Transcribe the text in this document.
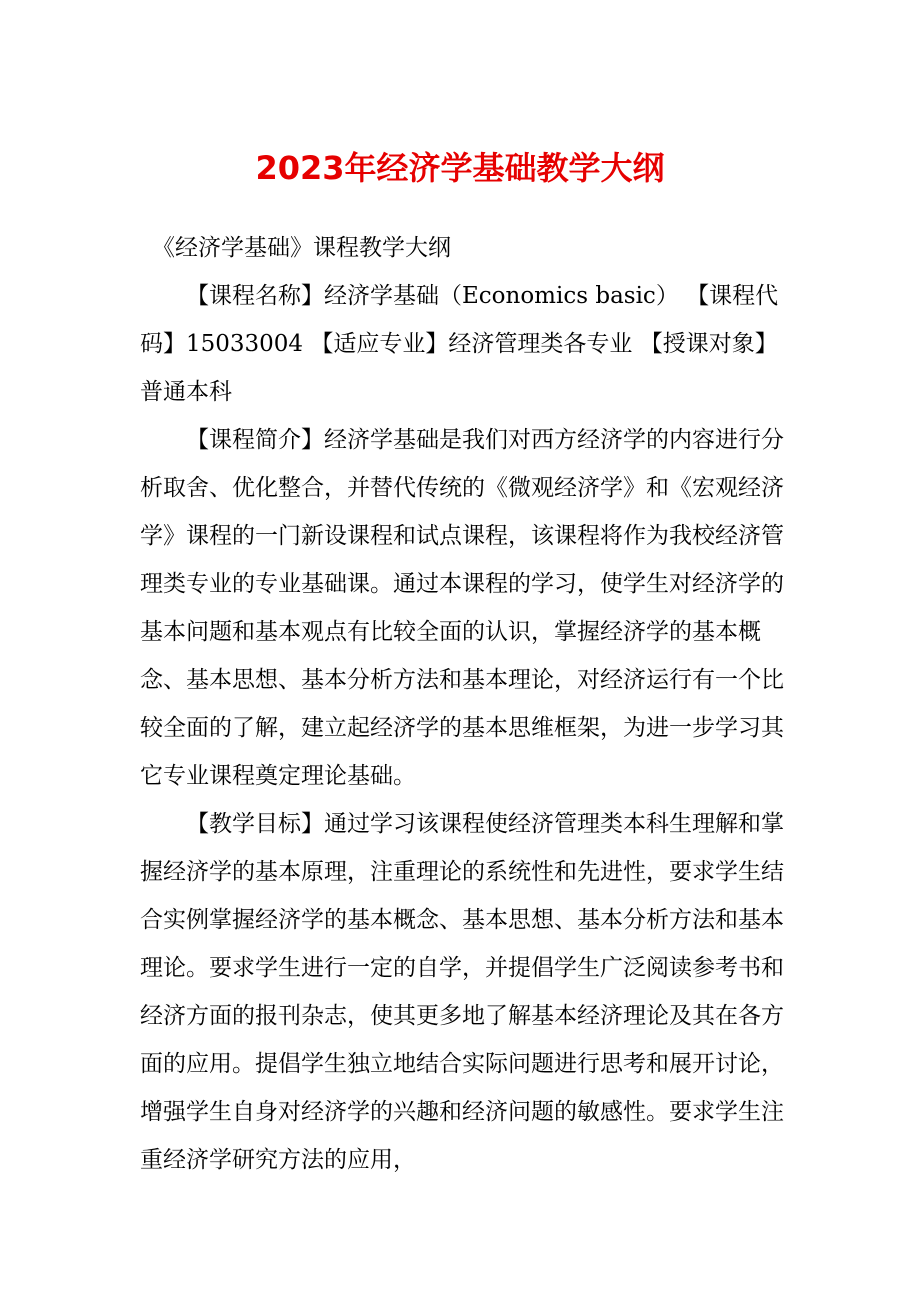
2023年经济学基础教学大纲

《经济学基础》课程教学大纲

【课程名称】经济学基础（Economics basic） 【课程代码】15033004 【适应专业】经济管理类各专业 【授课对象】普通本科

【课程简介】经济学基础是我们对西方经济学的内容进行分析取舍、优化整合，并替代传统的《微观经济学》和《宏观经济学》课程的一门新设课程和试点课程，该课程将作为我校经济管理类专业的专业基础课。通过本课程的学习，使学生对经济学的基本问题和基本观点有比较全面的认识，掌握经济学的基本概念、基本思想、基本分析方法和基本理论，对经济运行有一个比较全面的了解，建立起经济学的基本思维框架，为进一步学习其它专业课程奠定理论基础。

【教学目标】通过学习该课程使经济管理类本科生理解和掌握经济学的基本原理，注重理论的系统性和先进性，要求学生结合实例掌握经济学的基本概念、基本思想、基本分析方法和基本理论。要求学生进行一定的自学，并提倡学生广泛阅读参考书和经济方面的报刊杂志，使其更多地了解基本经济理论及其在各方面的应用。提倡学生独立地结合实际问题进行思考和展开讨论，增强学生自身对经济学的兴趣和经济问题的敏感性。要求学生注重经济学研究方法的应用，
